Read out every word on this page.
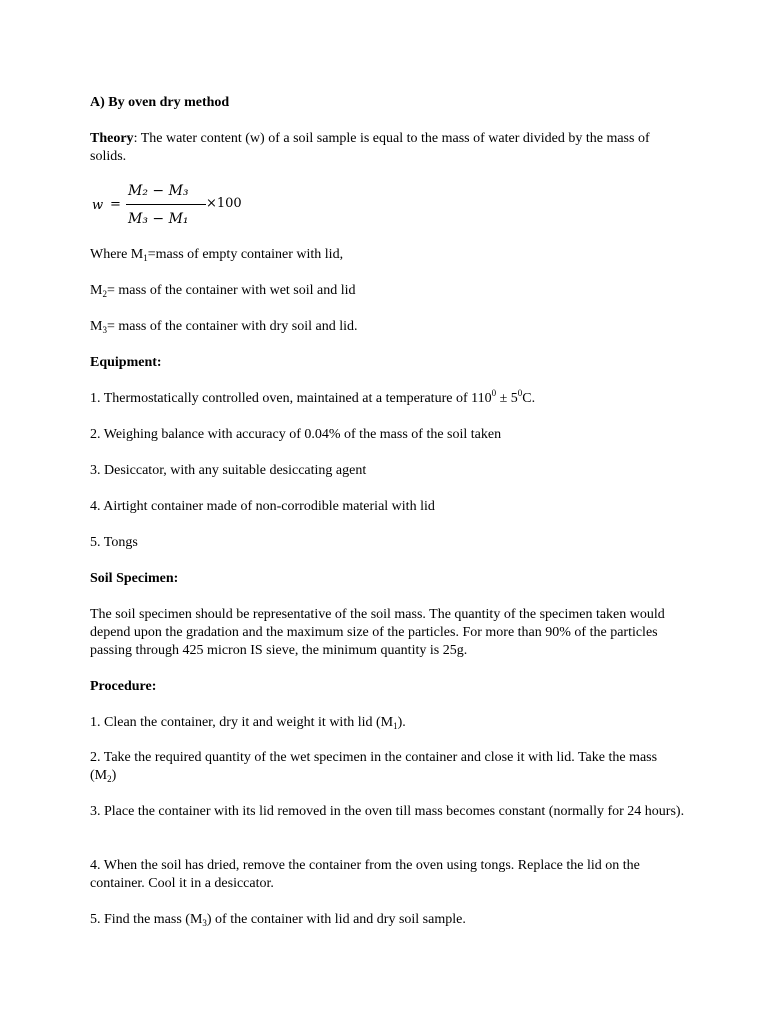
A) By oven dry method
Theory: The water content (w) of a soil sample is equal to the mass of water divided by the mass of solids.
w =
M₂ − M₃
M₃ − M₁
×100
Where $M_1=mass$ of empty container with lid,
$M_2=$ mass of the container with wet soil and lid
$M_3=$ mass of the container with dry soil and lid.
Equipment:
1. Thermostatically controlled oven, maintained at a temperature of $110^0 \pm 5^0C$.
2. Weighing balance with accuracy of 0.04% of the mass of the soil taken
3. Desiccator, with any suitable desiccating agent
4. Airtight container made of non-corrodible material with lid
5. Tongs
Soil Specimen:
The soil specimen should be representative of the soil mass. The quantity of the specimen taken would depend upon the gradation and the maximum size of the particles. For more than 90% of the particles passing through 425 micron IS sieve, the minimum quantity is 25g.
Procedure:
1. Clean the container, dry it and weight it with lid $(M_1)$.
2. Take the required quantity of the wet specimen in the container and close it with lid. Take the mass $(M_2)$
3. Place the container with its lid removed in the oven till mass becomes constant (normally for 24 hours).
4. When the soil has dried, remove the container from the oven using tongs. Replace the lid on the container. Cool it in a desiccator.
5. Find the mass $(M_3)$ of the container with lid and dry soil sample.
